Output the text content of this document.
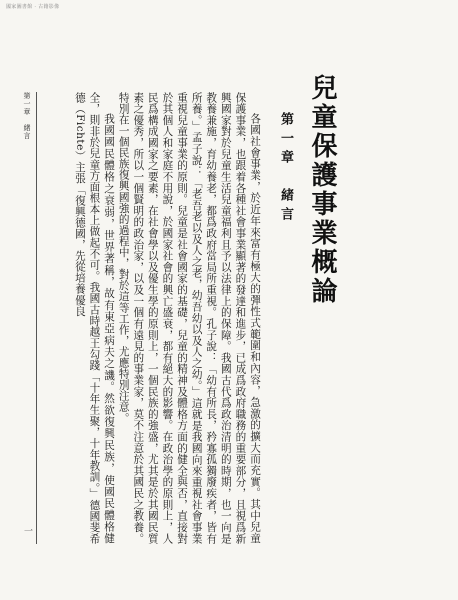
國家圖書館 · 古籍影像
兒童保護事業概論
第一章　緒言

各國社會事業，於近年來富有極大的彈性式範圍和內容，急激的擴大而充實。其中兒童保護事業，也跟着各種社會事業顯著的發達和進步，已成爲政府職務的重要部分，且視爲新興國家對於兒童生活兒童福利且予以法律上的保障。我國古代爲政治清明的時期，也一向是教養兼施，育幼養老，都爲政府當局所重視。孔子說：「幼有所長，矜寡孤獨廢疾者，皆有所養。」孟子說：「老吾老以及人之老，幼吾幼以及人之幼。」這就是我國向來重視社會事業重視兒童事業的原則。兒童是社會國家的基礎，兒童的精神及體格方面的健全與否，直接對於其個人和家庭不用說，於國家社會的興亡盛衰，都有絕大的影響。在政治學的原則上，人民爲構成國家之要素，在社會學以及優生學的原則上，一個民族的強盛，尤其是於其國民質素之優秀，所以一個賢明的政治家，以及一個有遠見的事業家，莫不注意於其國民之教養。特別在一個民族復興國強的過程中，對於這等工作，尤應特別注意。

我國國民體格之衰弱，世界著稱，故有東亞病夫之譏。然欲復興民族，使國民體格健全，則非於兒童方面根本上做起不可。我國古時越王勾踐「十年生聚，十年教訓。」德國斐希德（Fichte）主張「復興德國，先從培養優良

第一章　緒言
一
